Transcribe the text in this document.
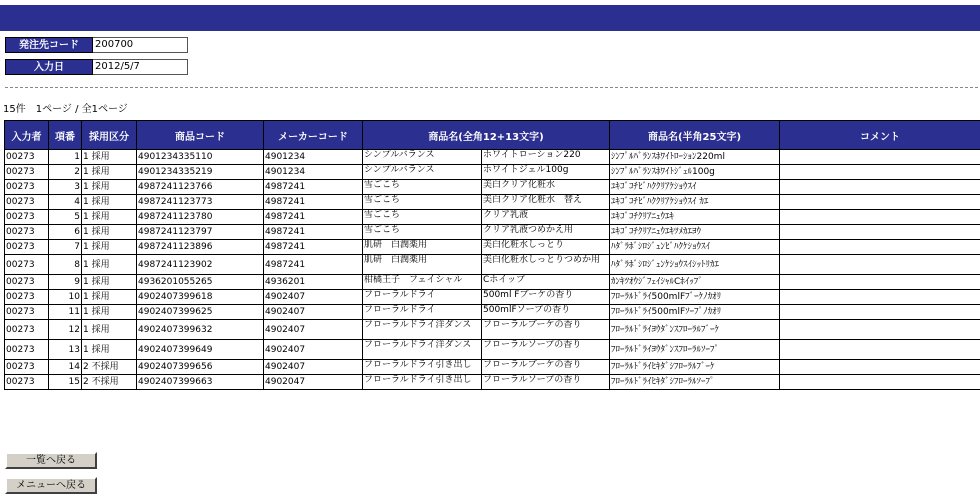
発注先コード	200700
入力日	2012/5/7
15件　1ページ / 全1ページ
入力者	項番	採用区分	商品コード	メーカーコード	商品名(全角12+13文字)	商品名(半角25文字)	コメント
00273	1	1 採用	4901234335110	4901234	シンプルバランス ホワイトローション220	ｼﾝﾌﾟﾙﾊﾞﾗﾝｽﾎﾜｲﾄﾛｰｼｮﾝ220ml	
00273	2	1 採用	4901234335219	4901234	シンプルバランス ホワイトジェル100g	ｼﾝﾌﾟﾙﾊﾞﾗﾝｽﾎﾜｲﾄｼﾞｪﾙ100g	
00273	3	1 採用	4987241123766	4987241	雪ごこち 美白クリア化粧水	ﾕｷｺﾞｺﾁﾋﾞﾊｸｸﾘｱｹｼｮｳｽｲ	
00273	4	1 採用	4987241123773	4987241	雪ごこち 美白クリア化粧水　替え	ﾕｷｺﾞｺﾁﾋﾞﾊｸｸﾘｱｹｼｮｳｽｲ ｶｴ	
00273	5	1 採用	4987241123780	4987241	雪ごこち クリア乳液	ﾕｷｺﾞｺﾁｸﾘｱﾆｭｳｴｷ	
00273	6	1 採用	4987241123797	4987241	雪ごこち クリア乳液つめかえ用	ﾕｷｺﾞｺﾁｸﾘｱﾆｭｳｴｷﾂﾒｶｴﾖｳ	
00273	7	1 採用	4987241123896	4987241	肌研　白潤薬用 美白化粧水しっとり	ﾊﾀﾞﾗﾎﾞｼﾛｼﾞｭﾝﾋﾞﾊｸｹｼｮｳｽｲ	
00273	8	1 採用	4987241123902	4987241	肌研　白潤薬用 美白化粧水しっとりつめか用	ﾊﾀﾞﾗﾎﾞｼﾛｼﾞｭﾝｹｼｮｳｽｲｼｯﾄﾘｶｴ	
00273	9	1 採用	4936201055265	4936201	柑橘王子　フェイシャル Cホイップ	ｶﾝｷﾂｵｳｼﾞﾌｪｲｼｬﾙCﾎｲｯﾌﾟ	
00273	10	1 採用	4902407399618	4902407	フローラルドライ 500ml Fブーケの香り	ﾌﾛｰﾗﾙﾄﾞﾗｲ500mlFﾌﾞｰｹﾉｶｵﾘ	
00273	11	1 採用	4902407399625	4902407	フローラルドライ 500mlFソープの香り	ﾌﾛｰﾗﾙﾄﾞﾗｲ500mlFｿｰﾌﾟﾉｶｵﾘ	
00273	12	1 採用	4902407399632	4902407	フローラルドライ洋ダンス フローラルブーケの香り	ﾌﾛｰﾗﾙﾄﾞﾗｲﾖｳﾀﾞﾝｽﾌﾛｰﾗﾙﾌﾞｰｹ	
00273	13	1 採用	4902407399649	4902407	フローラルドライ洋ダンス フローラルソープの香り	ﾌﾛｰﾗﾙﾄﾞﾗｲﾖｳﾀﾞﾝｽﾌﾛｰﾗﾙｿｰﾌﾟ	
00273	14	2 不採用	4902407399656	4902407	フローラルドライ引き出し フローラルブーケの香り	ﾌﾛｰﾗﾙﾄﾞﾗｲﾋｷﾀﾞｼﾌﾛｰﾗﾙﾌﾞｰｹ	
00273	15	2 不採用	4902407399663	4902047	フローラルドライ引き出し フローラルソープの香り	ﾌﾛｰﾗﾙﾄﾞﾗｲﾋｷﾀﾞｼﾌﾛｰﾗﾙｿｰﾌﾟ	
一覧へ戻る
メニューへ戻る
